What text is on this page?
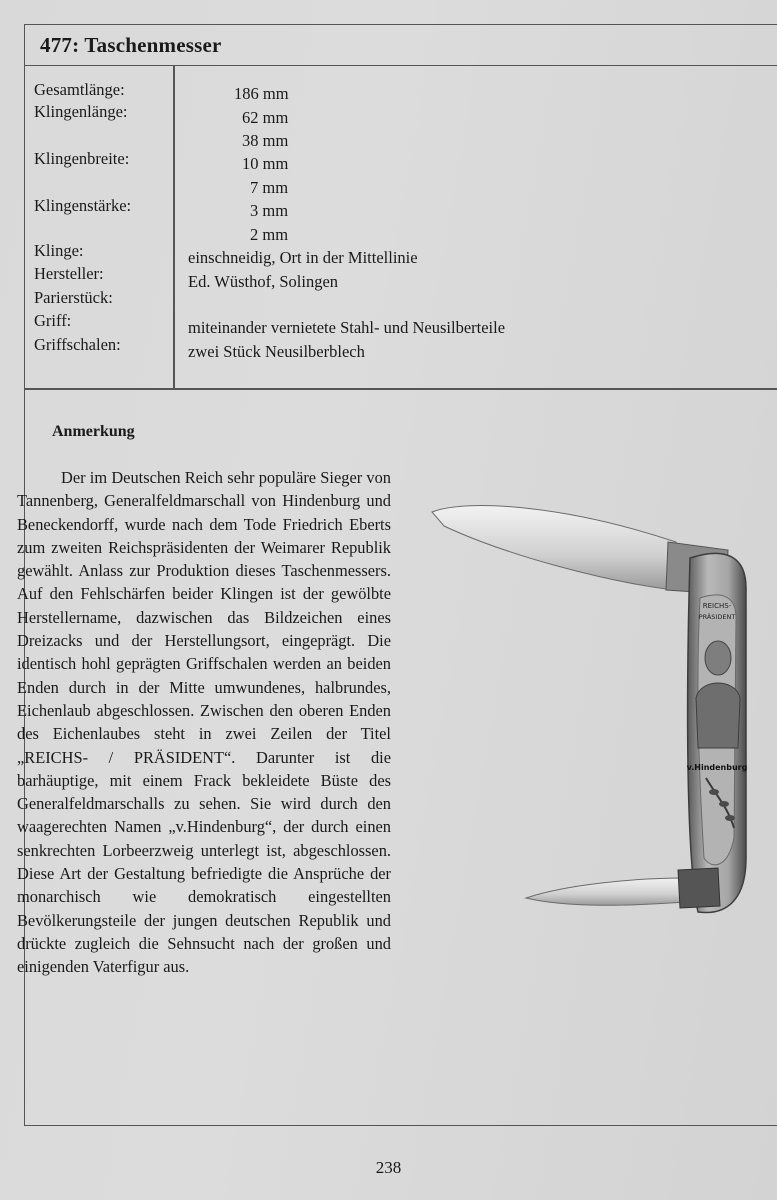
477: Taschenmesser
Gesamtlänge:
Klingenlänge:
Klingenbreite:
Klingenstärke:
Klinge:
Hersteller:
Parierstück:
Griff:
Griffschalen:
186 mm
62 mm
38 mm
10 mm
7 mm
3 mm
2 mm
einschneidig, Ort in der Mittellinie
Ed. Wüsthof, Solingen
miteinander vernietete Stahl- und Neusilberteile
zwei Stück Neusilberblech
Anmerkung

Der im Deutschen Reich sehr populäre Sieger von Tannenberg, Generalfeldmarschall von Hindenburg und Beneckendorff, wurde nach dem Tode Friedrich Eberts zum zweiten Reichspräsidenten der Weimarer Republik gewählt. Anlass zur Produktion dieses Taschenmessers. Auf den Fehlschärfen beider Klingen ist der gewölbte Herstellername, dazwischen das Bildzeichen eines Dreizacks und der Herstellungsort, eingeprägt. Die identisch hohl geprägten Griffschalen werden an beiden Enden durch in der Mitte umwundenes, halbrundes, Eichenlaub abgeschlossen. Zwischen den oberen Enden des Eichenlaubes steht in zwei Zeilen der Titel „REICHS- / PRÄSIDENT“. Darunter ist die barhäuptige, mit einem Frack bekleidete Büste des Generalfeldmarschalls zu sehen. Sie wird durch den waagerechten Namen „v.Hindenburg“, der durch einen senkrechten Lorbeerzweig unterlegt ist, abgeschlossen. Diese Art der Gestaltung befriedigte die Ansprüche der monarchisch wie demokratisch eingestellten Bevölkerungsteile der jungen deutschen Republik und drückte zugleich die Sehnsucht nach der großen und einigenden Vaterfigur aus.

REICHS-
PRÄSIDENT
v.Hindenburg
238
